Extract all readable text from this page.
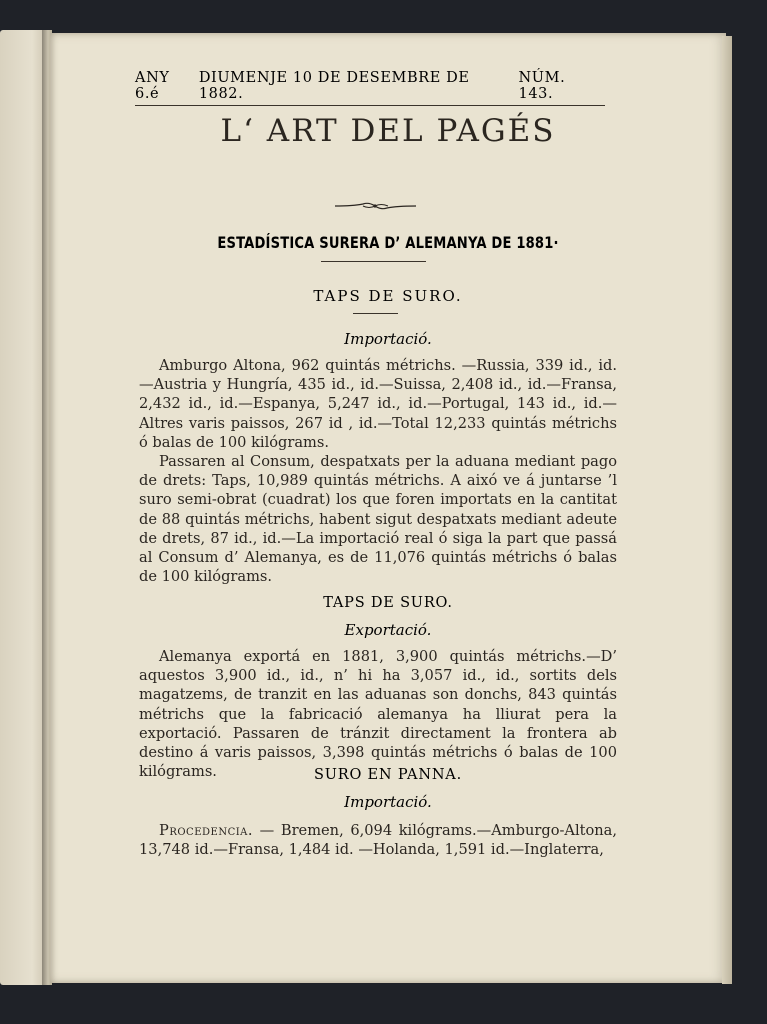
ANY 6.é
DIUMENJE 10 DE DESEMBRE DE 1882.
NÚM. 143.
L‘ ART DEL PAGÉS
ESTADÍSTICA SURERA D’ ALEMANYA DE 1881·
TAPS DE SURO.
Importació.

Amburgo Altona, 962 quintás métrichs. —Russia, 339 id., id. —Austria y Hungría, 435 id., id.—Suissa, 2,408 id., id.—Fransa, 2,432 id., id.—Espanya, 5,247 id., id.—Portugal, 143 id., id.—Altres varis paissos, 267 id , id.—Total 12,233 quintás métrichs ó balas de 100 kilógrams.

Passaren al Consum, despatxats per la aduana mediant pago de drets: Taps, 10,989 quintás métrichs. A aixó ve á juntarse ’l suro semi-obrat (cuadrat) los que foren importats en la cantitat de 88 quintás métrichs, habent sigut despatxats mediant adeute de drets, 87 id., id.—La importació real ó siga la part que passá al Consum d’ Alemanya, es de 11,076 quintás métrichs ó balas de 100 kilógrams.

TAPS DE SURO.
Exportació.

Alemanya exportá en 1881, 3,900 quintás métrichs.—D’ aquestos 3,900 id., id., n’ hi ha 3,057 id., id., sortits dels magatzems, de tranzit en las aduanas son donchs, 843 quintás métrichs que la fabricació alemanya ha lliurat pera la exportació. Passaren de tránzit directament la frontera ab destino á varis paissos, 3,398 quintás métrichs ó balas de 100 kilógrams.	SURO EN PANNA.
Importació.

Procedencia. — Bremen, 6,094 kilógrams.—Amburgo-Altona, 13,748 id.—Fransa, 1,484 id. —Holanda, 1,591 id.—Inglaterra,
